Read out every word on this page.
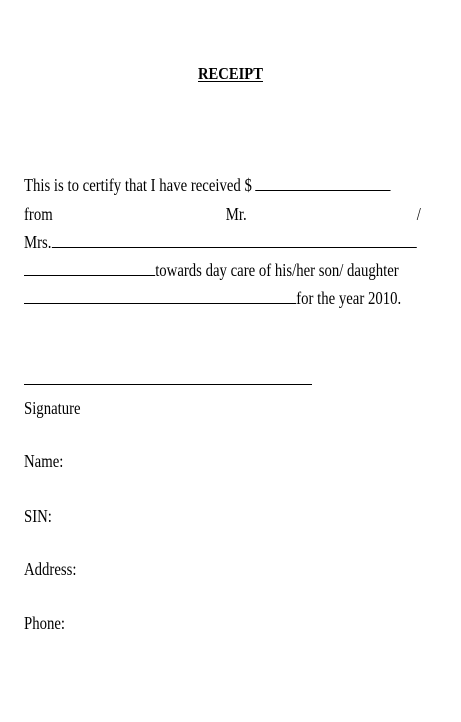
RECEIPT
This is to certify that I have received $
from	Mr.	/
Mrs.
towards day care of his/her son/ daughter
for the year 2010.
Signature
Name:
SIN:
Address:
Phone:
